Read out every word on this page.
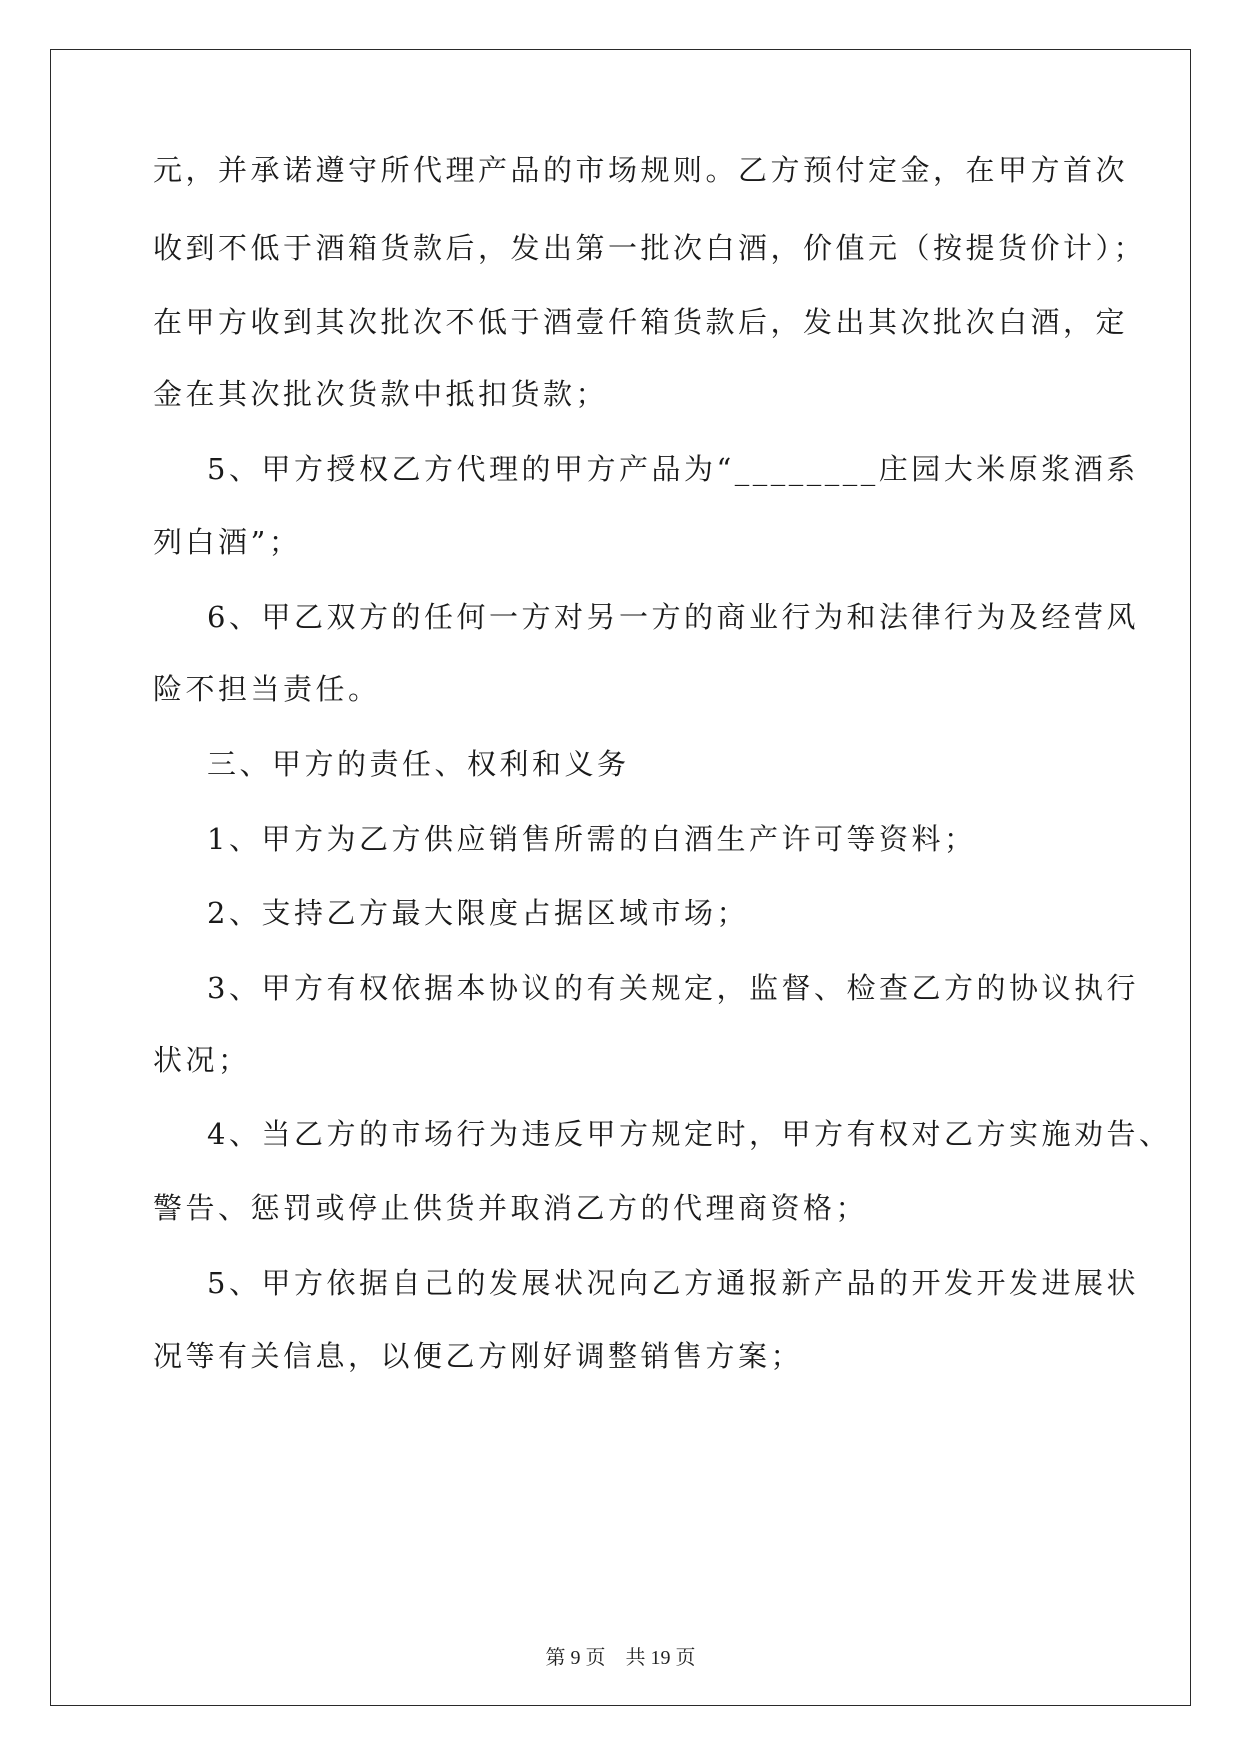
元，并承诺遵守所代理产品的市场规则。乙方预付定金，在甲方首次
收到不低于酒箱货款后，发出第一批次白酒，价值元（按提货价计）；
在甲方收到其次批次不低于酒壹仟箱货款后，发出其次批次白酒，定
金在其次批次货款中抵扣货款；
5、甲方授权乙方代理的甲方产品为“________庄园大米原浆酒系
列白酒”；
6、甲乙双方的任何一方对另一方的商业行为和法律行为及经营风
险不担当责任。
三、甲方的责任、权利和义务
1、甲方为乙方供应销售所需的白酒生产许可等资料；
2、支持乙方最大限度占据区域市场；
3、甲方有权依据本协议的有关规定，监督、检查乙方的协议执行
状况；
4、当乙方的市场行为违反甲方规定时，甲方有权对乙方实施劝告、
警告、惩罚或停止供货并取消乙方的代理商资格；
5、甲方依据自己的发展状况向乙方通报新产品的开发开发进展状
况等有关信息，以便乙方刚好调整销售方案；
第 9 页 共 19 页
